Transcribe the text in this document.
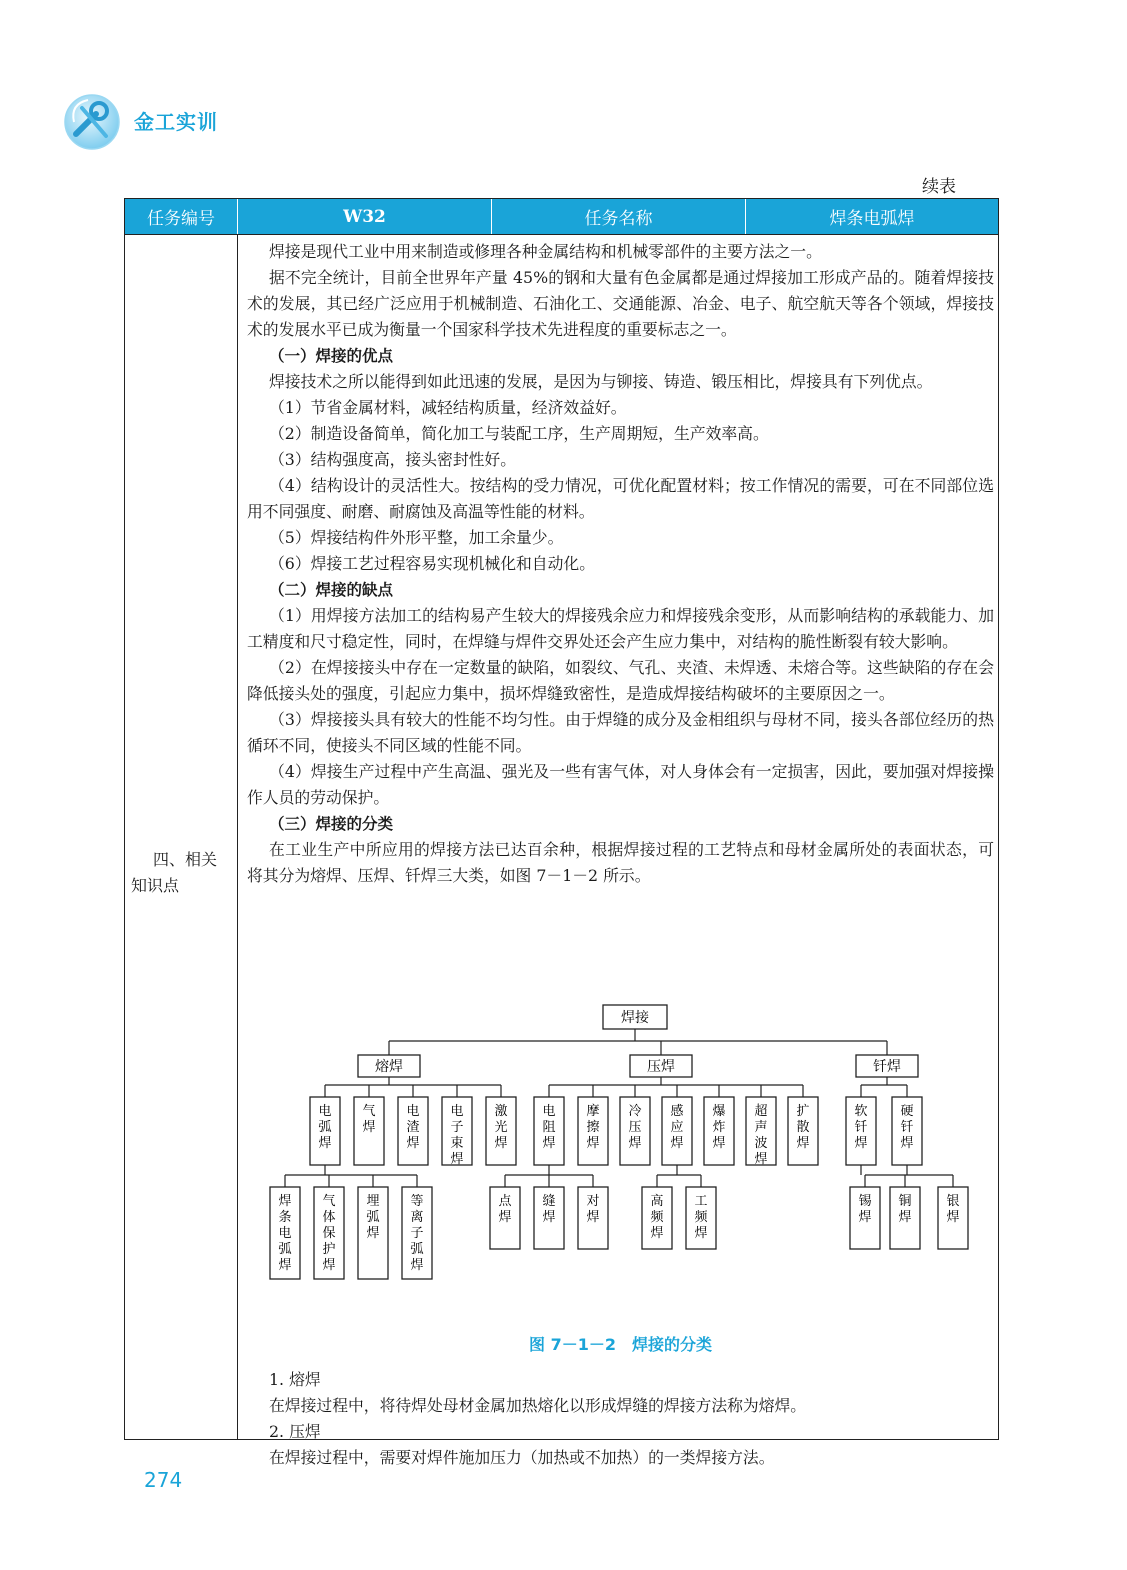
金工实训
续表
任务编号	W32	任务名称	焊条电弧焊
四、相关
知识点

焊接是现代工业中用来制造或修理各种金属结构和机械零部件的主要方法之一。

据不完全统计，目前全世界年产量 45%的钢和大量有色金属都是通过焊接加工形成产品的。随着焊接技术的发展，其已经广泛应用于机械制造、石油化工、交通能源、冶金、电子、航空航天等各个领域，焊接技术的发展水平已成为衡量一个国家科学技术先进程度的重要标志之一。

（一）焊接的优点

焊接技术之所以能得到如此迅速的发展，是因为与铆接、铸造、锻压相比，焊接具有下列优点。

（1）节省金属材料，减轻结构质量，经济效益好。

（2）制造设备简单，简化加工与装配工序，生产周期短，生产效率高。

（3）结构强度高，接头密封性好。

（4）结构设计的灵活性大。按结构的受力情况，可优化配置材料；按工作情况的需要，可在不同部位选用不同强度、耐磨、耐腐蚀及高温等性能的材料。

（5）焊接结构件外形平整，加工余量少。

（6）焊接工艺过程容易实现机械化和自动化。

（二）焊接的缺点

（1）用焊接方法加工的结构易产生较大的焊接残余应力和焊接残余变形，从而影响结构的承载能力、加工精度和尺寸稳定性，同时，在焊缝与焊件交界处还会产生应力集中，对结构的脆性断裂有较大影响。

（2）在焊接接头中存在一定数量的缺陷，如裂纹、气孔、夹渣、未焊透、未熔合等。这些缺陷的存在会降低接头处的强度，引起应力集中，损坏焊缝致密性，是造成焊接结构破坏的主要原因之一。

（3）焊接接头具有较大的性能不均匀性。由于焊缝的成分及金相组织与母材不同，接头各部位经历的热循环不同，使接头不同区域的性能不同。

（4）焊接生产过程中产生高温、强光及一些有害气体，对人身体会有一定损害，因此，要加强对焊接操作人员的劳动保护。

（三）焊接的分类

在工业生产中所应用的焊接方法已达百余种，根据焊接过程的工艺特点和母材金属所处的表面状态，可将其分为熔焊、压焊、钎焊三大类，如图 7－1－2 所示。

焊接
熔焊	压焊	钎焊
电弧焊
气焊
电渣焊
电子束焊
激光焊
电阻焊
摩擦焊
冷压焊
感应焊
爆炸焊
超声波焊
扩散焊
软钎焊
硬钎焊
焊条电弧焊
气体保护焊
埋弧焊
等离子弧焊
点焊
缝焊
对焊
高频焊
工频焊
锡焊
铜焊
银焊
图 7－1－2　焊接的分类

1. 熔焊

在焊接过程中，将待焊处母材金属加热熔化以形成焊缝的焊接方法称为熔焊。

2. 压焊

在焊接过程中，需要对焊件施加压力（加热或不加热）的一类焊接方法。

274
